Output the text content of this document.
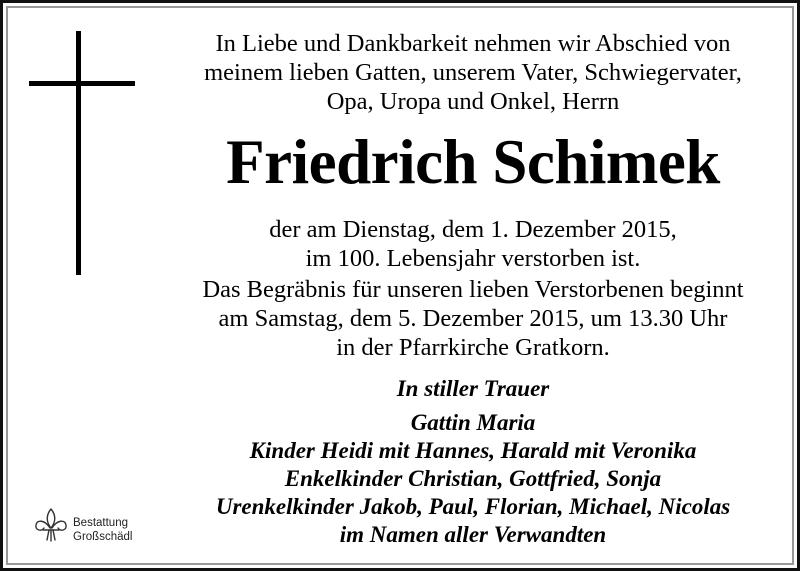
In Liebe und Dankbarkeit nehmen wir Abschied von
meinem lieben Gatten, unserem Vater, Schwiegervater,
Opa, Uropa und Onkel, Herrn
Friedrich Schimek
der am Dienstag, dem 1. Dezember 2015,
im 100. Lebensjahr verstorben ist.
Das Begräbnis für unseren lieben Verstorbenen beginnt
am Samstag, dem 5. Dezember 2015, um 13.30 Uhr
in der Pfarrkirche Gratkorn.
In stiller Trauer
Gattin Maria
Kinder Heidi mit Hannes, Harald mit Veronika
Enkelkinder Christian, Gottfried, Sonja
Urenkelkinder Jakob, Paul, Florian, Michael, Nicolas
im Namen aller Verwandten
Bestattung
Großschädl
